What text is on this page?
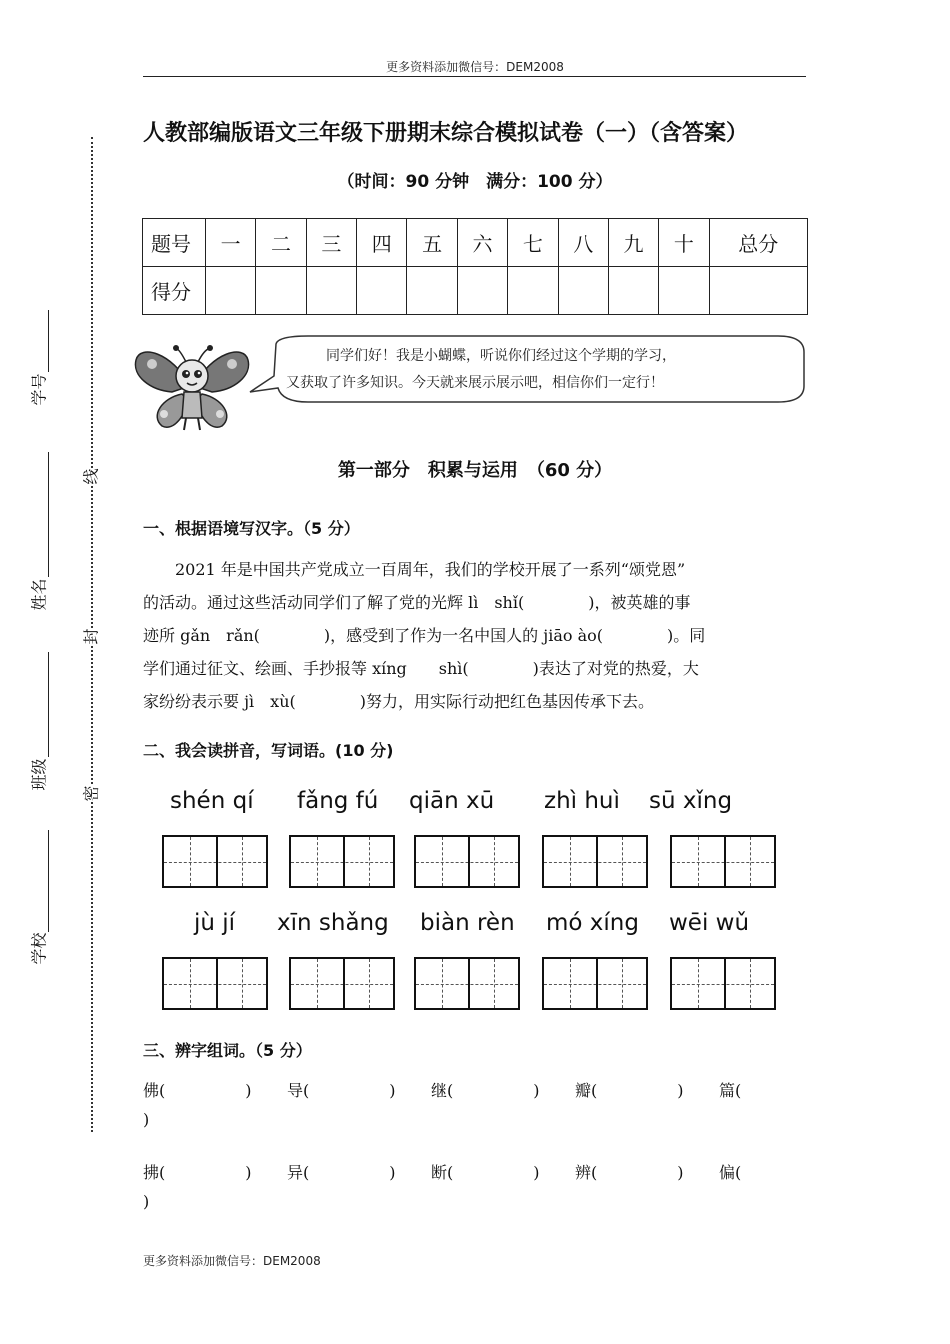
更多资料添加微信号：DEM2008
学号
姓名
班级
学校
线
封
密
人教部编版语文三年级下册期末综合模拟试卷（一）（含答案）
（时间：90 分钟　满分：100 分）
题号	一	二	三	四	五	六	七	八	九	十	总分
得分											
同学们好！我是小蝴蝶，听说你们经过这个学期的学习，
又获取了许多知识。今天就来展示展示吧，相信你们一定行！
第一部分　积累与运用　（60 分）
一、根据语境写汉字。（5 分）
　　2021 年是中国共产党成立一百周年，我们的学校开展了一系列“颂党恩”
的活动。通过这些活动同学们了解了党的光辉 lì　shǐ(　　　　)，被英雄的事
迹所 gǎn　rǎn(　　　　)，感受到了作为一名中国人的 jiāo ào(　　　　)。同
学们通过征文、绘画、手抄报等 xíng　　shì(　　　　)表达了对党的热爱，大
家纷纷表示要 jì　xù(　　　　)努力，用实际行动把红色基因传承下去。
二、我会读拼音，写词语。(10 分)
shén qí fǎng fú qiān xū zhì huì sū xǐng
jù jí xīn shǎng biàn rèn mó xíng wēi wǔ
三、辨字组词。（5 分）
佛(　　　　　) 导(　　　　　) 继(　　　　　) 瓣(　　　　　) 篇(
)
拂(　　　　　) 异(　　　　　) 断(　　　　　) 辨(　　　　　) 偏(
)
更多资料添加微信号：DEM2008
